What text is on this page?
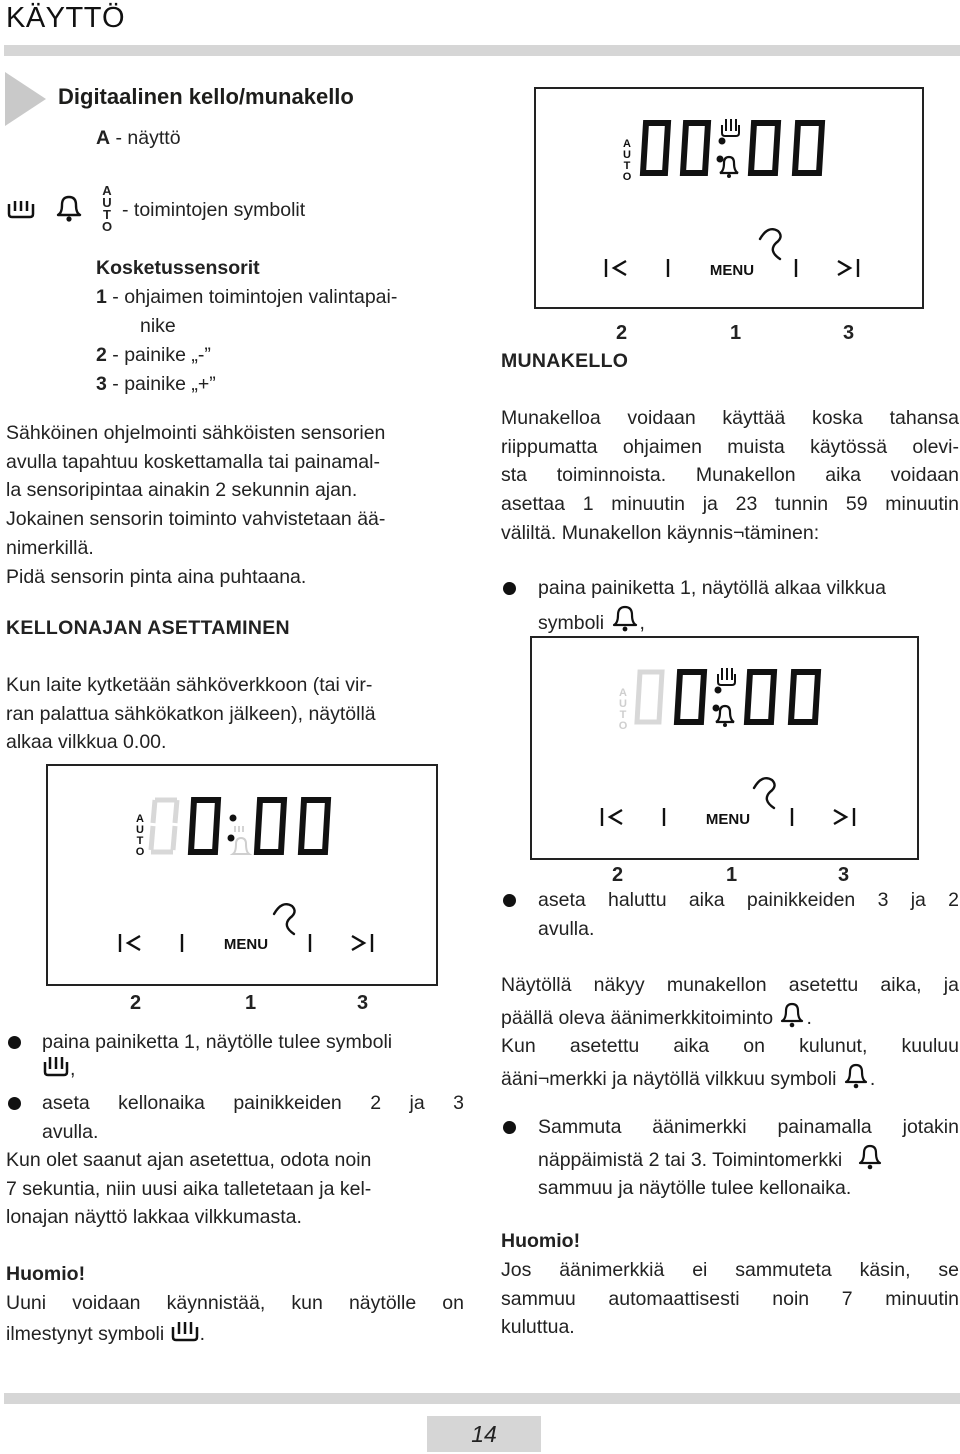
KÄYTTÖ
Digitaalinen kello/munakello
A - näyttö
A
U
T
O
- toimintojen symbolit
Kosketussensorit
1 - ohjaimen toimintojen valintapai-
nike
2 - painike „-”
3 - painike „+”
Sähköinen ohjelmointi sähköisten sensorien
avulla tapahtuu koskettamalla tai painamal-
la sensoripintaa ainakin 2 sekunnin ajan.
Jokainen sensorin toiminto vahvistetaan ää-
nimerkillä.
Pidä sensorin pinta aina puhtaana.
KELLONAJAN ASETTAMINEN
Kun laite kytketään sähköverkkoon (tai vir-
ran palattua sähkökatkon jälkeen), näytöllä
alkaa vilkkua 0.00.
A
U
T
O
MENU
2	1	3
paina painiketta 1, näytölle tulee symboli
,
aseta kellonaika painikkeiden 2 ja 3
avulla.
Kun olet saanut ajan asetettua, odota noin
7 sekuntia, niin uusi aika talletetaan ja kel-
lonajan näyttö lakkaa vilkkumasta.
Huomio!
Uuni voidaan käynnistää, kun näytölle on
ilmestynyt symboli .
A
U
T
O
MENU
2	1	3
MUNAKELLO
Munakelloa voidaan käyttää koska tahansa
riippumatta ohjaimen muista käytössä olevi-
sta toiminnoista. Munakellon aika voidaan
asettaa 1 minuutin ja 23 tunnin 59 minuutin
väliltä. Munakellon käynnis¬täminen:
paina painiketta 1, näytöllä alkaa vilkkua
symboli ,
A
U
T
O
MENU
2	1	3
aseta haluttu aika painikkeiden 3 ja 2
avulla.
Näytöllä näkyy munakellon asetettu aika, ja
päällä oleva äänimerkkitoiminto .
Kun asetettu aika on kulunut, kuuluu
ääni¬merkki ja näytöllä vilkkuu symboli .
Sammuta äänimerkki painamalla jotakin
näppäimistä 2 tai 3. Toimintomerkki
sammuu ja näytölle tulee kellonaika.
Huomio!
Jos äänimerkkiä ei sammuteta käsin, se
sammuu automaattisesti noin 7 minuutin
kuluttua.
14
